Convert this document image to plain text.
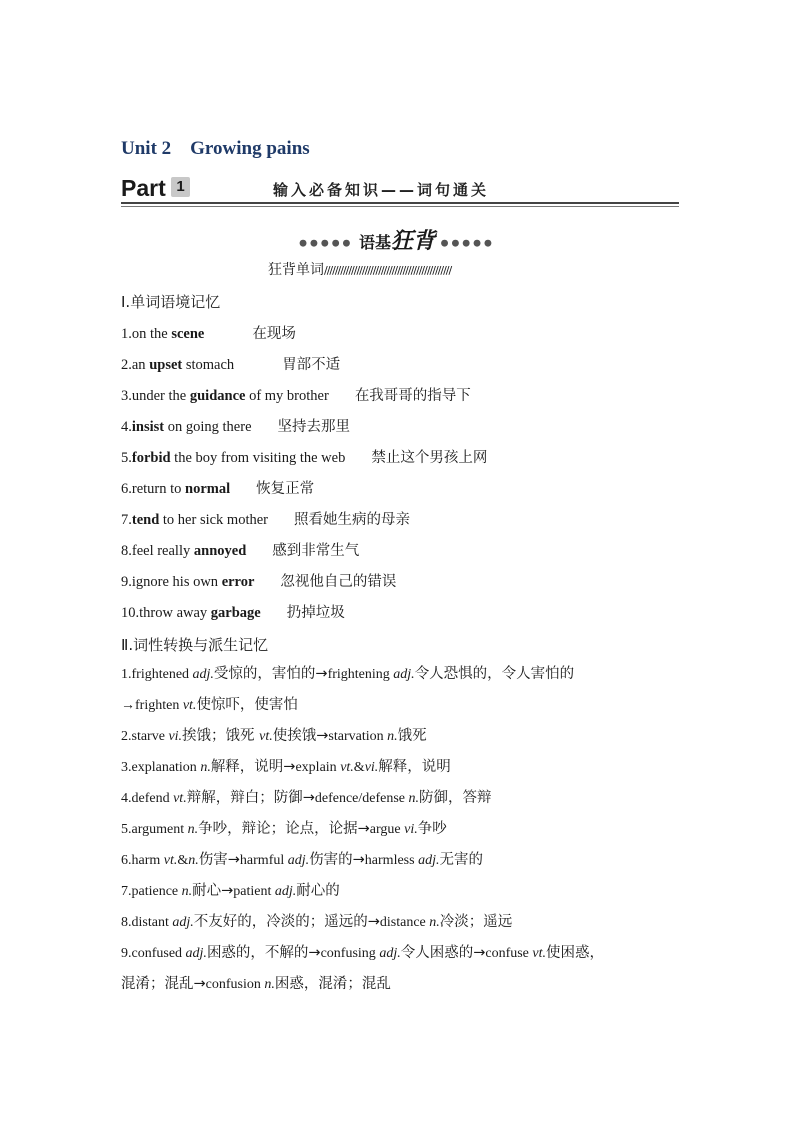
Unit 2 Growing pains
Part 1	输入必备知识——词句通关
●●●●● 语基狂背 ●●●●●
狂背单词///////////////////////////////////////////////
Ⅰ.单词语境记忆
1.on the scene	在现场
2.an upset stomach	胃部不适
3.under the guidance of my brother 在我哥哥的指导下
4.insist on going there 坚持去那里
5.forbid the boy from visiting the web 禁止这个男孩上网
6.return to normal 恢复正常
7.tend to her sick mother 照看她生病的母亲
8.feel really annoyed 感到非常生气
9.ignore his own error 忽视他自己的错误
10.throw away garbage 扔掉垃圾
Ⅱ.词性转换与派生记忆
1.frightened adj.受惊的，害怕的→frightening adj.令人恐惧的，令人害怕的
→frighten vt.使惊吓，使害怕
2.starve vi.挨饿；饿死 vt.使挨饿→starvation n.饿死
3.explanation n.解释，说明→explain vt.&vi.解释，说明
4.defend vt.辩解，辩白；防御→defence/defense n.防御，答辩
5.argument n.争吵，辩论；论点，论据→argue vi.争吵
6.harm vt.&n.伤害→harmful adj.伤害的→harmless adj.无害的
7.patience n.耐心→patient adj.耐心的
8.distant adj.不友好的，冷淡的；遥远的→distance n.冷淡；遥远
9.confused adj.困惑的，不解的→confusing adj.令人困惑的→confuse vt.使困惑，
混淆；混乱→confusion n.困惑，混淆；混乱
